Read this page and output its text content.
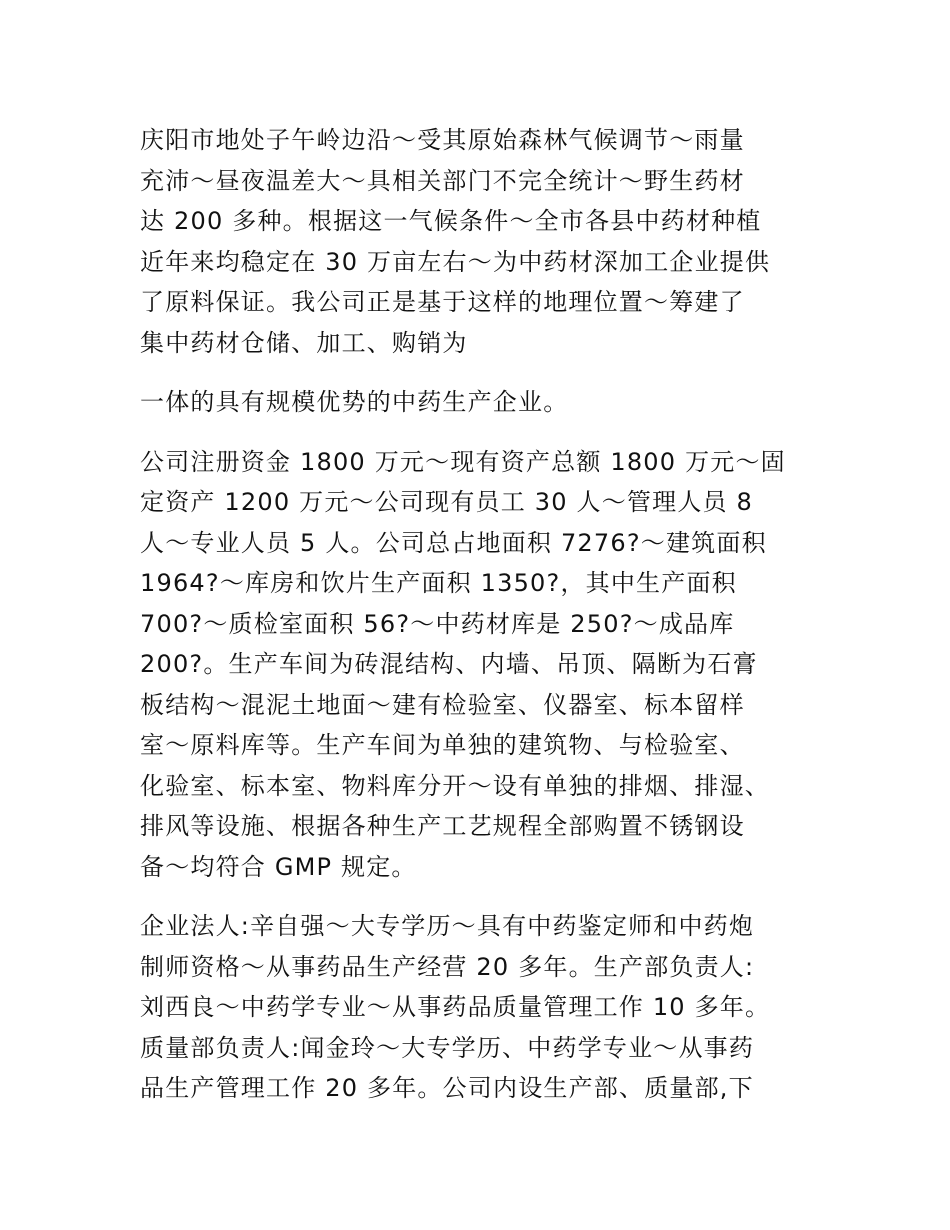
庆阳市地处子午岭边沿～受其原始森林气候调节～雨量
充沛～昼夜温差大～具相关部门不完全统计～野生药材
达 200 多种。根据这一气候条件～全市各县中药材种植
近年来均稳定在 30 万亩左右～为中药材深加工企业提供
了原料保证。我公司正是基于这样的地理位置～筹建了
集中药材仓储、加工、购销为
一体的具有规模优势的中药生产企业。
公司注册资金 1800 万元～现有资产总额 1800 万元～固
定资产 1200 万元～公司现有员工 30 人～管理人员 8
人～专业人员 5 人。公司总占地面积 7276?～建筑面积
1964?～库房和饮片生产面积 1350?，其中生产面积
700?～质检室面积 56?～中药材库是 250?～成品库
200?。生产车间为砖混结构、内墙、吊顶、隔断为石膏
板结构～混泥土地面～建有检验室、仪器室、标本留样
室～原料库等。生产车间为单独的建筑物、与检验室、
化验室、标本室、物料库分开～设有单独的排烟、排湿、
排风等设施、根据各种生产工艺规程全部购置不锈钢设
备～均符合 GMP 规定。
企业法人:辛自强～大专学历～具有中药鉴定师和中药炮
制师资格～从事药品生产经营 20 多年。生产部负责人:
刘西良～中药学专业～从事药品质量管理工作 10 多年。
质量部负责人:闻金玲～大专学历、中药学专业～从事药
品生产管理工作 20 多年。公司内设生产部、质量部,下
